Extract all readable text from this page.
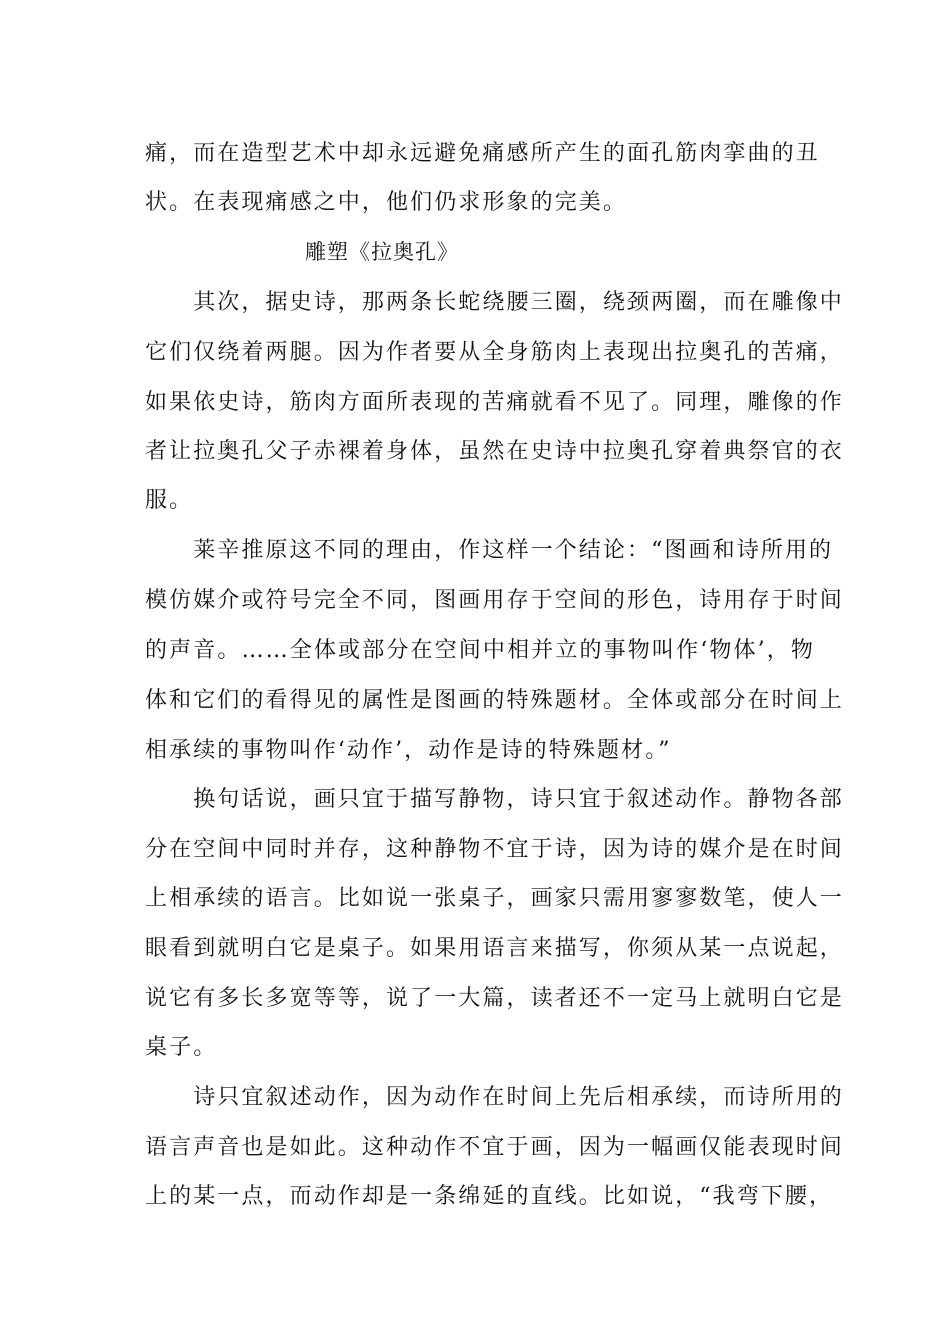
痛，而在造型艺术中却永远避免痛感所产生的面孔筋肉挛曲的丑
状。在表现痛感之中，他们仍求形象的完美。
雕塑《拉奥孔》
　　其次，据史诗，那两条长蛇绕腰三圈，绕颈两圈，而在雕像中
它们仅绕着两腿。因为作者要从全身筋肉上表现出拉奥孔的苦痛，
如果依史诗，筋肉方面所表现的苦痛就看不见了。同理，雕像的作
者让拉奥孔父子赤裸着身体，虽然在史诗中拉奥孔穿着典祭官的衣
服。
　　莱辛推原这不同的理由，作这样一个结论：“图画和诗所用的
模仿媒介或符号完全不同，图画用存于空间的形色，诗用存于时间
的声音。……全体或部分在空间中相并立的事物叫作‘物体’，物
体和它们的看得见的属性是图画的特殊题材。全体或部分在时间上
相承续的事物叫作‘动作’，动作是诗的特殊题材。”
　　换句话说，画只宜于描写静物，诗只宜于叙述动作。静物各部
分在空间中同时并存，这种静物不宜于诗，因为诗的媒介是在时间
上相承续的语言。比如说一张桌子，画家只需用寥寥数笔，使人一
眼看到就明白它是桌子。如果用语言来描写，你须从某一点说起，
说它有多长多宽等等，说了一大篇，读者还不一定马上就明白它是
桌子。
　　诗只宜叙述动作，因为动作在时间上先后相承续，而诗所用的
语言声音也是如此。这种动作不宜于画，因为一幅画仅能表现时间
上的某一点，而动作却是一条绵延的直线。比如说，“我弯下腰，
